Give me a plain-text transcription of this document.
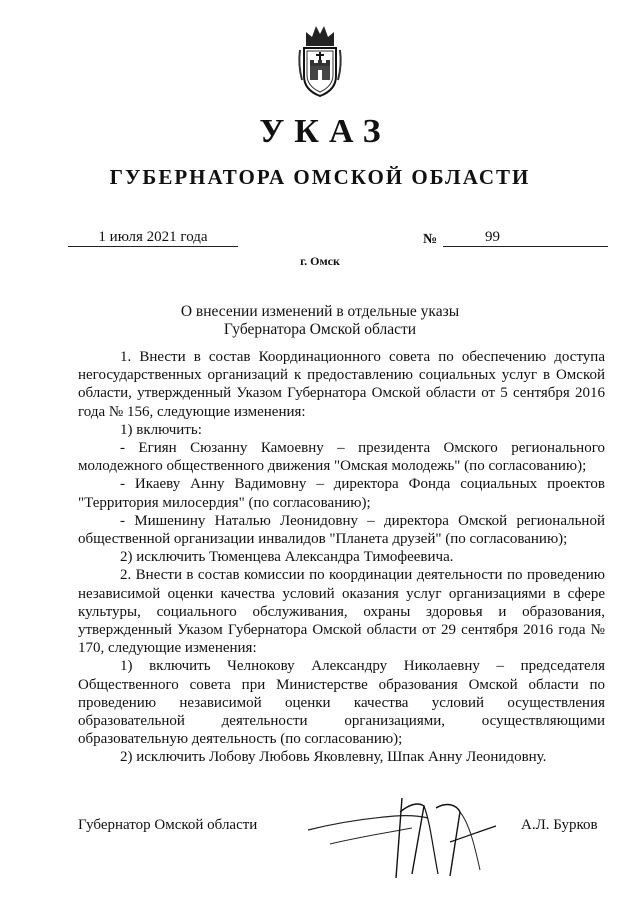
УКАЗ
ГУБЕРНАТОРА ОМСКОЙ ОБЛАСТИ
1 июля 2021 года	№	99
г. Омск
О внесении изменений в отдельные указы
Губернатора Омской области

1. Внести в состав Координационного совета по обеспечению доступа негосударственных организаций к предоставлению социальных услуг в Омской области, утвержденный Указом Губернатора Омской области от 5 сентября 2016 года № 156, следующие изменения:

1) включить:

- Егиян Сюзанну Камоевну – президента Омского регионального молодежного общественного движения "Омская молодежь" (по согласованию);

- Икаеву Анну Вадимовну – директора Фонда социальных проектов "Территория милосердия" (по согласованию);

- Мишенину Наталью Леонидовну – директора Омской региональной общественной организации инвалидов "Планета друзей" (по согласованию);

2) исключить Тюменцева Александра Тимофеевича.

2. Внести в состав комиссии по координации деятельности по проведению независимой оценки качества условий оказания услуг организациями в сфере культуры, социального обслуживания, охраны здоровья и образования, утвержденный Указом Губернатора Омской области от 29 сентября 2016 года № 170, следующие изменения:

1) включить Челнокову Александру Николаевну – председателя Общественного совета при Министерстве образования Омской области по проведению независимой оценки качества условий осуществления образовательной деятельности организациями, осуществляющими образовательную деятельность (по согласованию);

2) исключить Лобову Любовь Яковлевну, Шпак Анну Леонидовну.

Губернатор Омской области	А.Л. Бурков
